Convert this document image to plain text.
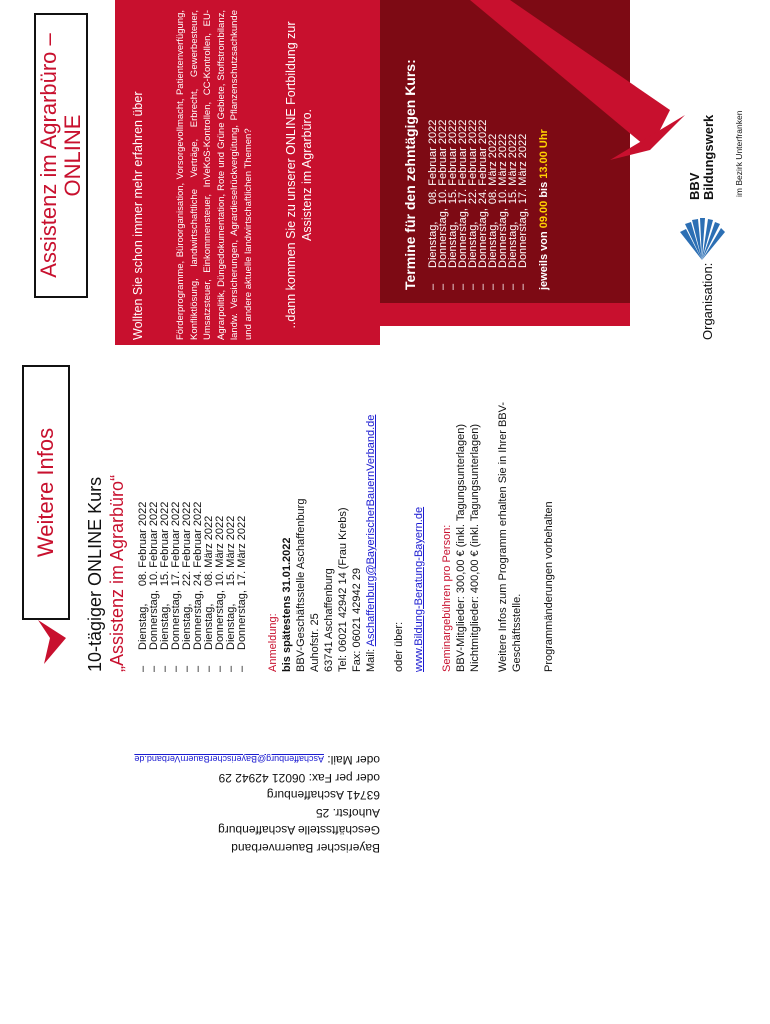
Bayerischer Bauernverband
Geschäftsstelle Aschaffenburg
Auhofstr. 25
63741 Aschaffenburg
oder per Fax: 06021 42942 29
oder Mail: Aschaffenburg@BayerischerBauernVerband.de
Weitere Infos
Assistenz im Agrarbüro – ONLINE
10-tägiger ONLINE Kurs „Assistenz im Agrarbüro“ –	Dienstag,	08. Februar 2022
–	Donnerstag,	10. Februar 2022
–	Dienstag,	15. Februar 2022
–	Donnerstag,	17. Februar 2022
–	Dienstag,	22. Februar 2022
–	Donnerstag,	24. Februar 2022
–	Dienstag,	08. März 2022
–	Donnerstag,	10. März 2022
–	Dienstag,	15. März 2022
–	Donnerstag,	17. März 2022
Anmeldung: bis spätestens 31.01.2022 BBV-Geschäftsstelle Aschaffenburg Auhofstr. 25 63741 Aschaffenburg Tel: 06021 42942 14 (Frau Krebs) Fax: 06021 42942 29 Mail: Aschaffenburg@BayerischerBauernVerband.de
oder über: www.Bildung-Beratung-Bayern.de Seminargebühren pro Person: BBV-Mitglieder: 300,00 € (inkl. Tagungsunterlagen) Nichtmitglieder: 400,00 € (inkl. Tagungsunterlagen) Weitere Infos zum Programm erhalten Sie in Ihrer BBV-Geschäftsstelle. Programmänderungen vorbehalten
Wollten Sie schon immer mehr erfahren über	Förderprogramme, Büroorganisation, Vorsorgevollmacht, Patientenverfügung, Konfliktlösung, landwirtschaftliche Verträge, Erbrecht, Gewerbesteuer, Umsatzsteuer, Einkommensteuer, InVeKoS-Kontrollen, CC-Kontrollen, EU-Agrarpolitik, Düngedokumentation, Rote und Grüne Gebiete, Stoffstrombilanz, landw. Versicherungen, Agrardieselrückvergütung, Pflanzenschutzsachkunde und andere aktuelle landwirtschaftlichen Themen? ..dann kommen Sie zu unserer ONLINE Fortbildung zur Assistenz im Agrarbüro.	Termine für den zehntägigen Kurs: –	Dienstag,	08. Februar 2022
–	Donnerstag,	10. Februar 2022
–	Dienstag,	15. Februar 2022
–	Donnerstag,	17. Februar 2022
–	Dienstag,	22. Februar 2022
–	Donnerstag,	24. Februar 2022
–	Dienstag,	08. März 2022
–	Donnerstag,	10. März 2022
–	Dienstag,	15. März 2022
–	Donnerstag,	17. März 2022
jeweils von 09.00 bis 13.00 Uhr
Organisation:
BBV Bildungswerk im Bezirk Unterfranken
